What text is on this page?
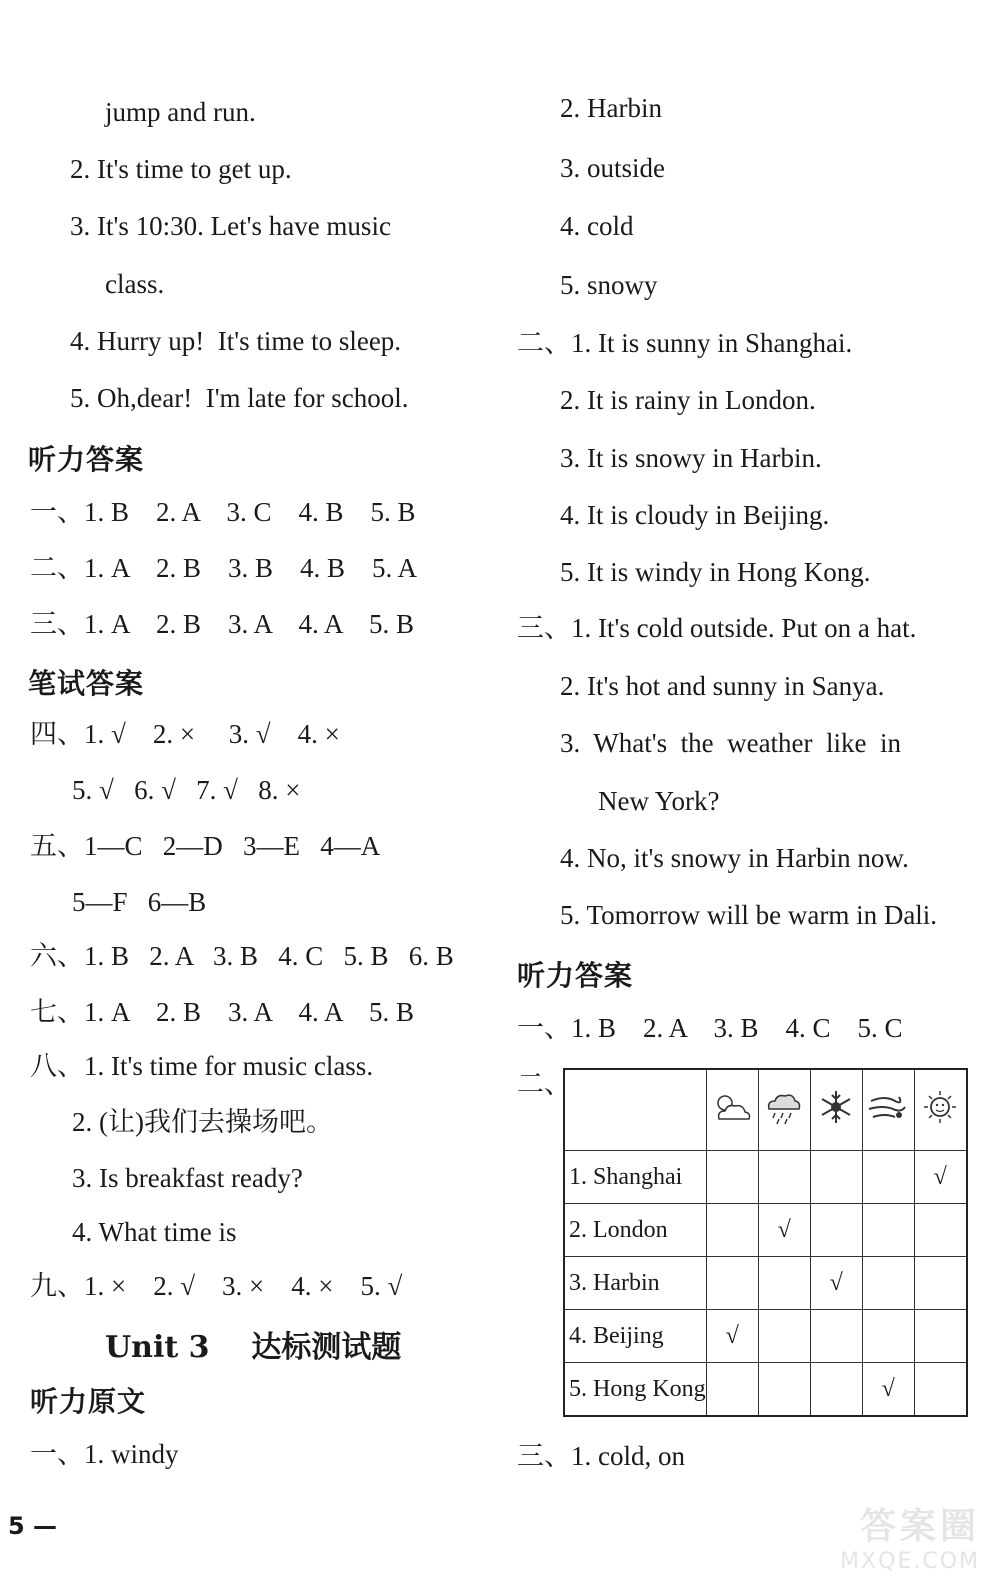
jump and run.
2. It's time to get up.
3. It's 10:30. Let's have music
class.
4. Hurry up!  It's time to sleep.
5. Oh,dear!  I'm late for school.
听力答案
一、1. B    2. A    3. C    4. B    5. B
二、1. A    2. B    3. B    4. B    5. A
三、1. A    2. B    3. A    4. A    5. B
笔试答案
四、1. √    2. ×     3. √    4. ×
5. √   6. √   7. √   8. ×
五、1—C   2—D   3—E   4—A
5—F   6—B
六、1. B   2. A   3. B   4. C   5. B   6. B
七、1. A    2. B    3. A    4. A    5. B
八、1. It's time for music class.
2. (让)我们去操场吧。
3. Is breakfast ready?
4. What time is
九、1. ×    2. √    3. ×    4. ×    5. √
Unit 3    达标测试题
听力原文
一、1. windy
5 —
2. Harbin
3. outside
4. cold
5. snowy
二、1. It is sunny in Shanghai.
2. It is rainy in London.
3. It is snowy in Harbin.
4. It is cloudy in Beijing.
5. It is windy in Hong Kong.
三、1. It's cold outside. Put on a hat.
2. It's hot and sunny in Sanya.
3.  What's  the  weather  like  in
New York?
4. No, it's snowy in Harbin now.
5. Tomorrow will be warm in Dali.
听力答案
一、1. B    2. A    3. B    4. C    5. C
二、

1. Shanghai					√
2. London		√			
3. Harbin			√		
4. Beijing	√				
5. Hong Kong				√	
三、1. cold, on
答案圈
MXQE.COM
